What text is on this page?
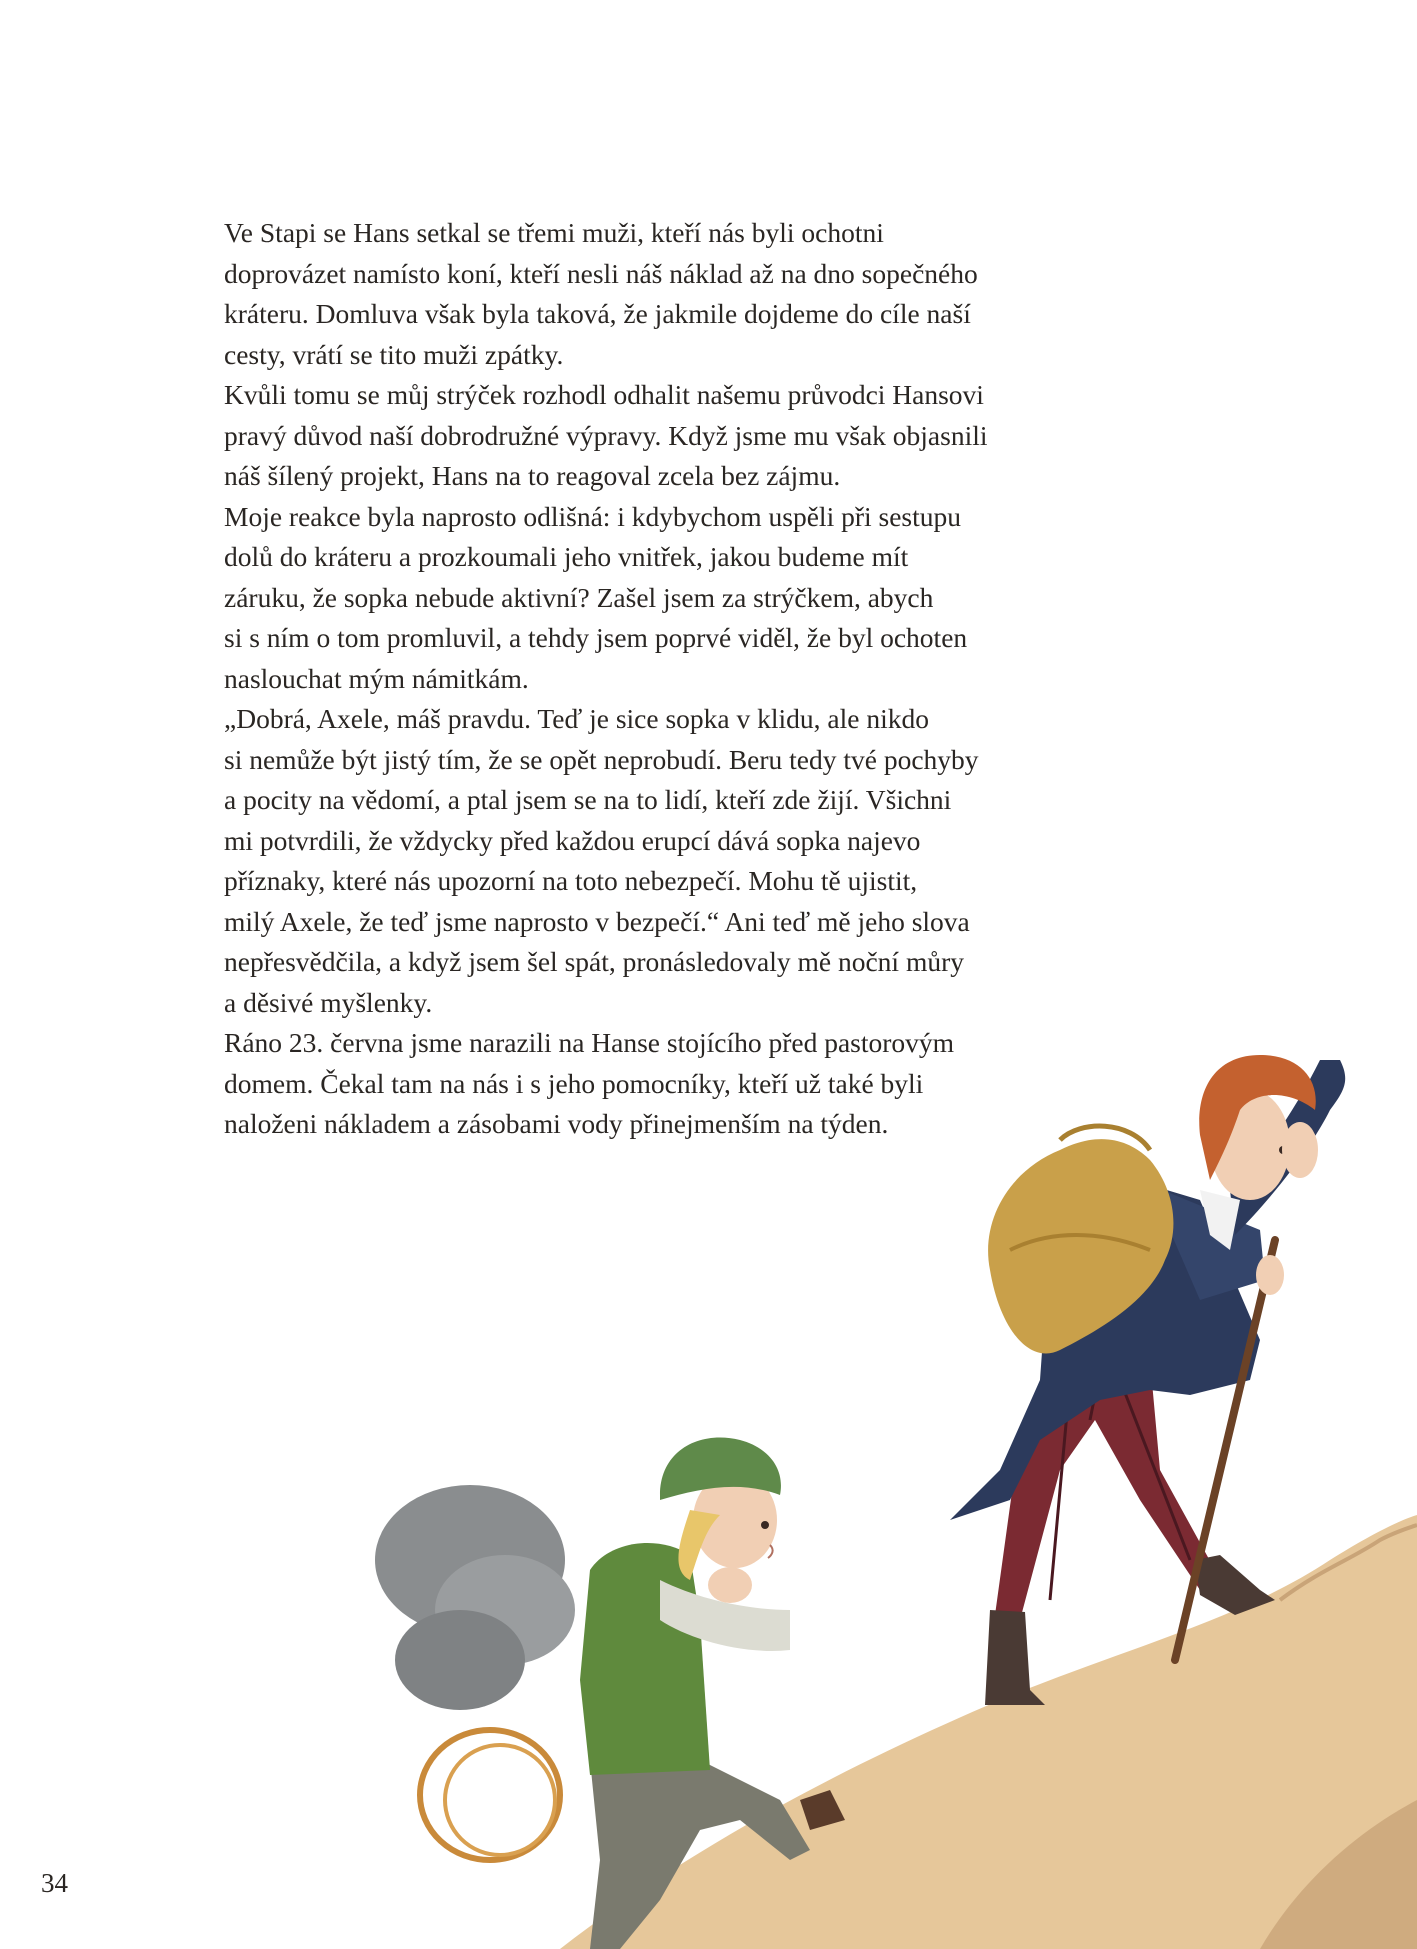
Ve Stapi se Hans setkal se třemi muži, kteří nás byli ochotni
doprovázet namísto koní, kteří nesli náš náklad až na dno sopečného
kráteru. Domluva však byla taková, že jakmile dojdeme do cíle naší
cesty, vrátí se tito muži zpátky.
Kvůli tomu se můj strýček rozhodl odhalit našemu průvodci Hansovi
pravý důvod naší dobrodružné výpravy. Když jsme mu však objasnili
náš šílený projekt, Hans na to reagoval zcela bez zájmu.
Moje reakce byla naprosto odlišná: i kdybychom uspěli při sestupu
dolů do kráteru a prozkoumali jeho vnitřek, jakou budeme mít
záruku, že sopka nebude aktivní? Zašel jsem za strýčkem, abych
si s ním o tom promluvil, a tehdy jsem poprvé viděl, že byl ochoten
naslouchat mým námitkám.
„Dobrá, Axele, máš pravdu. Teď je sice sopka v klidu, ale nikdo
si nemůže být jistý tím, že se opět neprobudí. Beru tedy tvé pochyby
a pocity na vědomí, a ptal jsem se na to lidí, kteří zde žijí. Všichni
mi potvrdili, že vždycky před každou erupcí dává sopka najevo
příznaky, které nás upozorní na toto nebezpečí. Mohu tě ujistit,
milý Axele, že teď jsme naprosto v bezpečí.“ Ani teď mě jeho slova
nepřesvědčila, a když jsem šel spát, pronásledovaly mě noční můry
a děsivé myšlenky.
Ráno 23. června jsme narazili na Hanse stojícího před pastorovým
domem. Čekal tam na nás i s jeho pomocníky, kteří už také byli
naloženi nákladem a zásobami vody přinejmenším na týden.
34
